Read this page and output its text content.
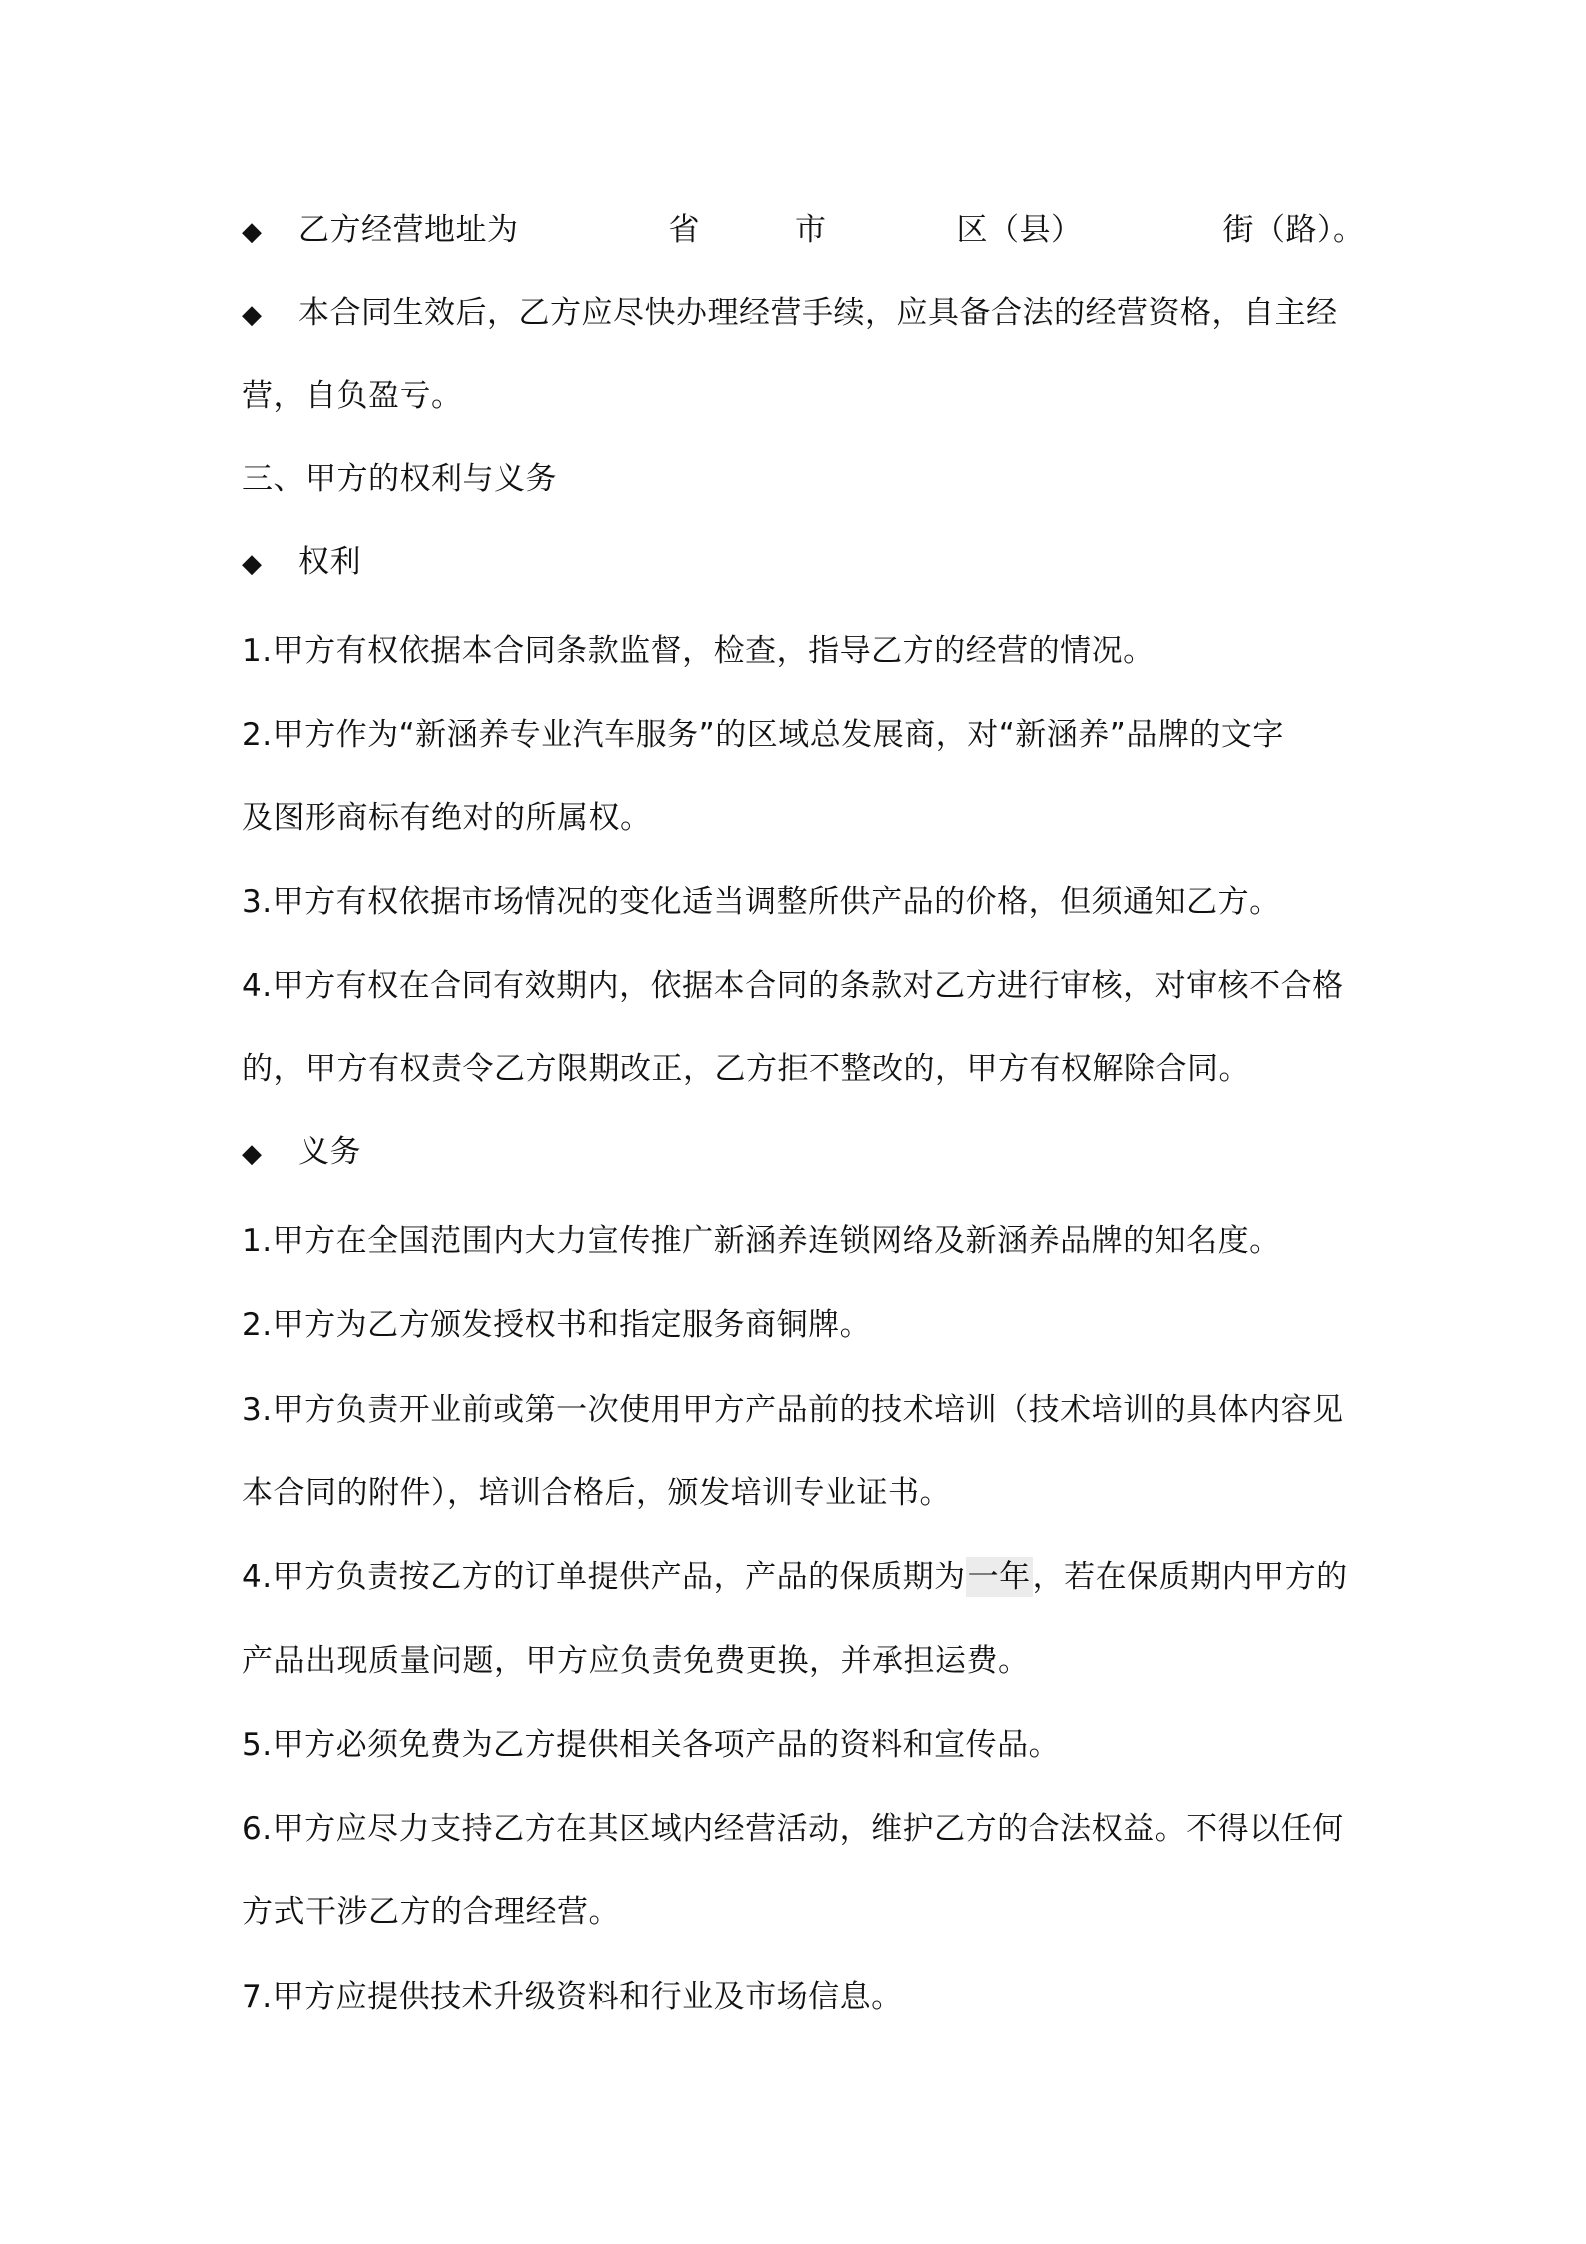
◆ 乙方经营地址为	省	市	区（县）	街（路）。
◆ 本合同生效后，乙方应尽快办理经营手续，应具备合法的经营资格，自主经
营，自负盈亏。
三、甲方的权利与义务
◆ 权利
1.甲方有权依据本合同条款监督，检查，指导乙方的经营的情况。
2.甲方作为“新涵养专业汽车服务”的区域总发展商，对“新涵养”品牌的文字
及图形商标有绝对的所属权。
3.甲方有权依据市场情况的变化适当调整所供产品的价格，但须通知乙方。
4.甲方有权在合同有效期内，依据本合同的条款对乙方进行审核，对审核不合格
的，甲方有权责令乙方限期改正，乙方拒不整改的，甲方有权解除合同。
◆ 义务
1.甲方在全国范围内大力宣传推广新涵养连锁网络及新涵养品牌的知名度。
2.甲方为乙方颁发授权书和指定服务商铜牌。
3.甲方负责开业前或第一次使用甲方产品前的技术培训（技术培训的具体内容见
本合同的附件），培训合格后，颁发培训专业证书。
4.甲方负责按乙方的订单提供产品，产品的保质期为一年，若在保质期内甲方的
产品出现质量问题，甲方应负责免费更换，并承担运费。
5.甲方必须免费为乙方提供相关各项产品的资料和宣传品。
6.甲方应尽力支持乙方在其区域内经营活动，维护乙方的合法权益。不得以任何
方式干涉乙方的合理经营。
7.甲方应提供技术升级资料和行业及市场信息。
